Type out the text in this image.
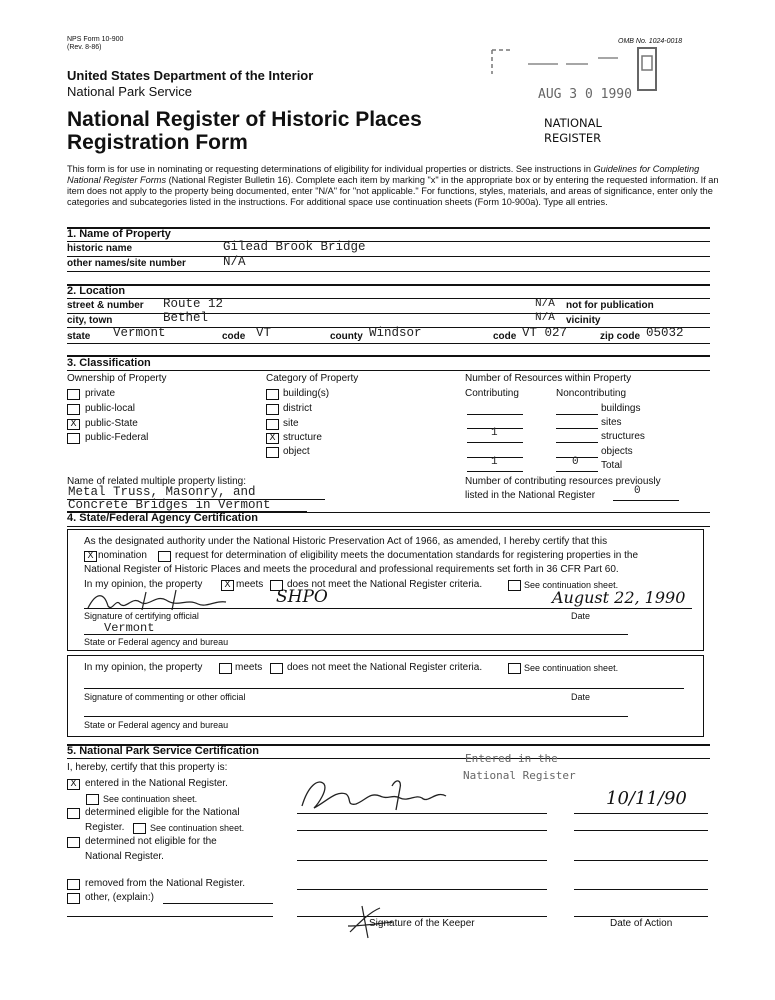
NPS Form 10-900
(Rev. 8-86)
OMB No. 1024-0018
United States Department of the Interior
National Park Service
National Register of Historic Places
Registration Form
AUG 3 0 1990
NATIONAL
REGISTER
This form is for use in nominating or requesting determinations of eligibility for individual properties or districts. See instructions in Guidelines for Completing National Register Forms (National Register Bulletin 16). Complete each item by marking "x" in the appropriate box or by entering the requested information. If an item does not apply to the property being documented, enter "N/A" for "not applicable." For functions, styles, materials, and areas of significance, enter only the categories and subcategories listed in the instructions. For additional space use continuation sheets (Form 10-900a). Type all entries.
1. Name of Property
historic name	Gilead Brook Bridge
other names/site number	N/A
2. Location
street & number Route 12	N/A not for publication
city, town	Bethel	N/A vicinity
state Vermont	code VT	county Windsor	code VT 027	zip code 05032
3. Classification
Ownership of Property
private
public-local
X public-State
public-Federal
Category of Property
building(s)
district
site
X structure
object
Number of Resources within Property
Contributing	Noncontributing
buildings
sites
1	structures
objects
1	0 Total
Name of related multiple property listing:
Metal Truss, Masonry, and
Concrete Bridges in Vermont
Number of contributing resources previously
listed in the National Register	0
4. State/Federal Agency Certification
As the designated authority under the National Historic Preservation Act of 1966, as amended, I hereby certify that this
X nomination	request for determination of eligibility meets the documentation standards for registering properties in the
National Register of Historic Places and meets the procedural and professional requirements set forth in 36 CFR Part 60.
In my opinion, the property	X meets does not meet the National Register criteria.	See continuation sheet.
SHPO	August 22, 1990
Signature of certifying official	Date
Vermont
State or Federal agency and bureau
In my opinion, the property	meets does not meet the National Register criteria.	See continuation sheet.
Signature of commenting or other official	Date
State or Federal agency and bureau
5. National Park Service Certification
I, hereby, certify that this property is:
Entered in the
National Register
X entered in the National Register.
See continuation sheet.
determined eligible for the National
Register.	See continuation sheet.
determined not eligible for the
National Register.
removed from the National Register.
other, (explain:)
10/11/90
Signature of the Keeper	Date of Action
